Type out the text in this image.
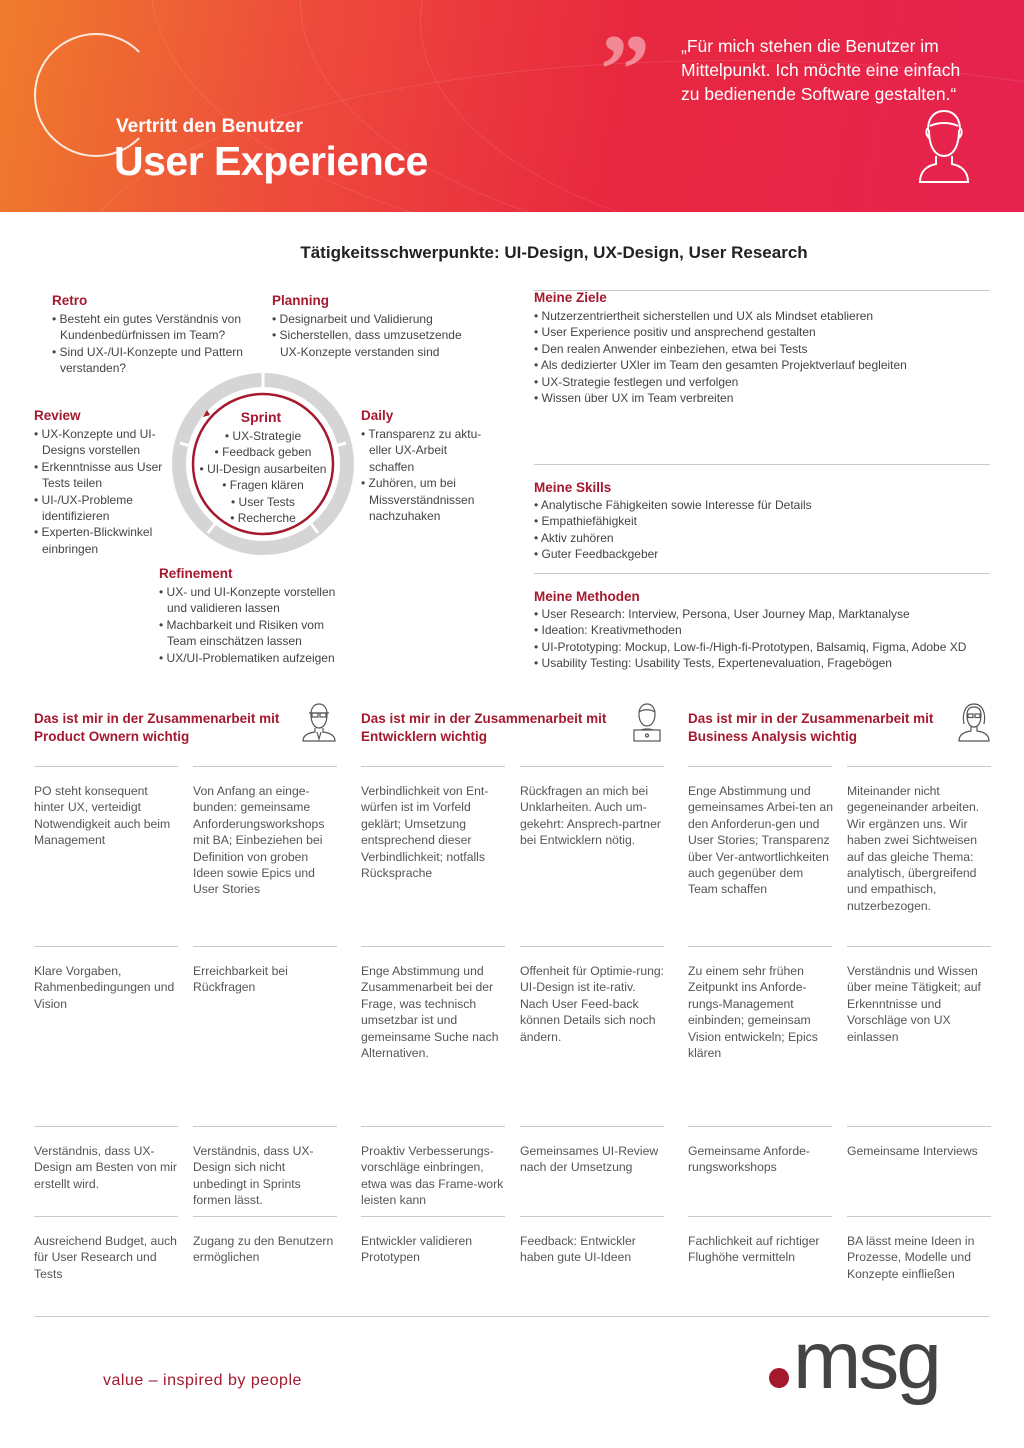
Vertritt den Benutzer
User Experience
” „Für mich stehen die Benutzer im Mittelpunkt. Ich möchte eine einfach zu bedienende Software gestalten.“
Tätigkeitsschwerpunkte: UI-Design, UX-Design, User Research
Retro
• Besteht ein gutes Verständnis von Kundenbedürfnissen im Team?
• Sind UX-/UI-Konzepte und Pattern verstanden?
Planning
• Designarbeit und Validierung
• Sicherstellen, dass umzusetzende UX-Konzepte verstanden sind
Review
• UX-Konzepte und UI-Designs vorstellen
• Erkenntnisse aus User Tests teilen
• UI-/UX-Probleme identifizieren
• Experten-Blickwinkel einbringen
Daily
• Transparenz zu aktu-eller UX-Arbeit schaffen
• Zuhören, um bei Missverständnissen nachzuhaken
Sprint
• UX-Strategie
• Feedback geben
• UI-Design ausarbeiten
• Fragen klären
• User Tests
• Recherche
Refinement
• UX- und UI-Konzepte vorstellen und validieren lassen
• Machbarkeit und Risiken vom Team einschätzen lassen
• UX/UI-Problematiken aufzeigen
Meine Ziele
• Nutzerzentriertheit sicherstellen und UX als Mindset etablieren
• User Experience positiv und ansprechend gestalten
• Den realen Anwender einbeziehen, etwa bei Tests
• Als dedizierter UXler im Team den gesamten Projektverlauf begleiten
• UX-Strategie festlegen und verfolgen
• Wissen über UX im Team verbreiten
Meine Skills
• Analytische Fähigkeiten sowie Interesse für Details
• Empathiefähigkeit
• Aktiv zuhören
• Guter Feedbackgeber
Meine Methoden
• User Research: Interview, Persona, User Journey Map, Marktanalyse
• Ideation: Kreativmethoden
• UI-Prototyping: Mockup, Low-fi-/High-fi-Prototypen, Balsamiq, Figma, Adobe XD
• Usability Testing: Usability Tests, Expertenevaluation, Fragebögen
Das ist mir in der Zusammenarbeit mit Product Ownern wichtig
Das ist mir in der Zusammenarbeit mit Entwicklern wichtig
Das ist mir in der Zusammenarbeit mit Business Analysis wichtig
PO steht konsequent hinter UX, verteidigt Notwendigkeit auch beim Management
Von Anfang an einge-bunden: gemeinsame Anforderungsworkshops mit BA; Einbeziehen bei Definition von groben Ideen sowie Epics und User Stories
Verbindlichkeit von Ent-würfen ist im Vorfeld geklärt; Umsetzung entsprechend dieser Verbindlichkeit; notfalls Rücksprache
Rückfragen an mich bei Unklarheiten. Auch um-gekehrt: Ansprech-partner bei Entwicklern nötig.
Enge Abstimmung und gemeinsames Arbei-ten an den Anforderun-gen und User Stories; Transparenz über Ver-antwortlichkeiten auch gegenüber dem Team schaffen
Miteinander nicht gegeneinander arbeiten. Wir ergänzen uns. Wir haben zwei Sichtweisen auf das gleiche Thema: analytisch, übergreifend und empathisch, nutzerbezogen.
Klare Vorgaben, Rahmenbedingungen und Vision
Erreichbarkeit bei Rückfragen
Enge Abstimmung und Zusammenarbeit bei der Frage, was technisch umsetzbar ist und gemeinsame Suche nach Alternativen.
Offenheit für Optimie-rung: UI-Design ist ite-rativ. Nach User Feed-back können Details sich noch ändern.
Zu einem sehr frühen Zeitpunkt ins Anforde-rungs-Management einbinden; gemeinsam Vision entwickeln; Epics klären
Verständnis und Wissen über meine Tätigkeit; auf Erkenntnisse und Vorschläge von UX einlassen
Verständnis, dass UX-Design am Besten von mir erstellt wird.
Verständnis, dass UX-Design sich nicht unbedingt in Sprints formen lässt.
Proaktiv Verbesserungs-vorschläge einbringen, etwa was das Frame-work leisten kann
Gemeinsames UI-Review nach der Umsetzung
Gemeinsame Anforde-rungsworkshops
Gemeinsame Interviews
Ausreichend Budget, auch für User Research und Tests
Zugang zu den Benutzern ermöglichen
Entwickler validieren Prototypen
Feedback: Entwickler haben gute UI-Ideen
Fachlichkeit auf richtiger Flughöhe vermitteln
BA lässt meine Ideen in Prozesse, Modelle und Konzepte einfließen
value – inspired by people	msg
